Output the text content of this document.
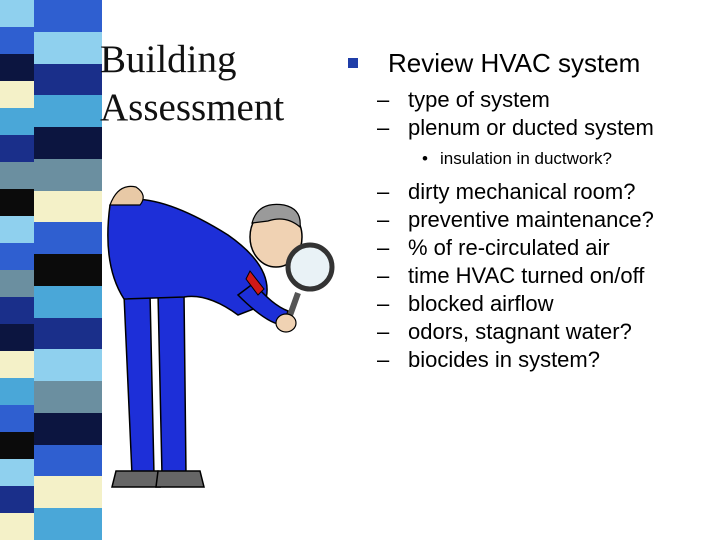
Building
Assessment
Review HVAC system
– type of system
– plenum or ducted system
• insulation in ductwork?
– dirty mechanical room?
– preventive maintenance?
– % of re-circulated air
– time HVAC turned on/off
– blocked airflow
– odors, stagnant water?
– biocides in system?
